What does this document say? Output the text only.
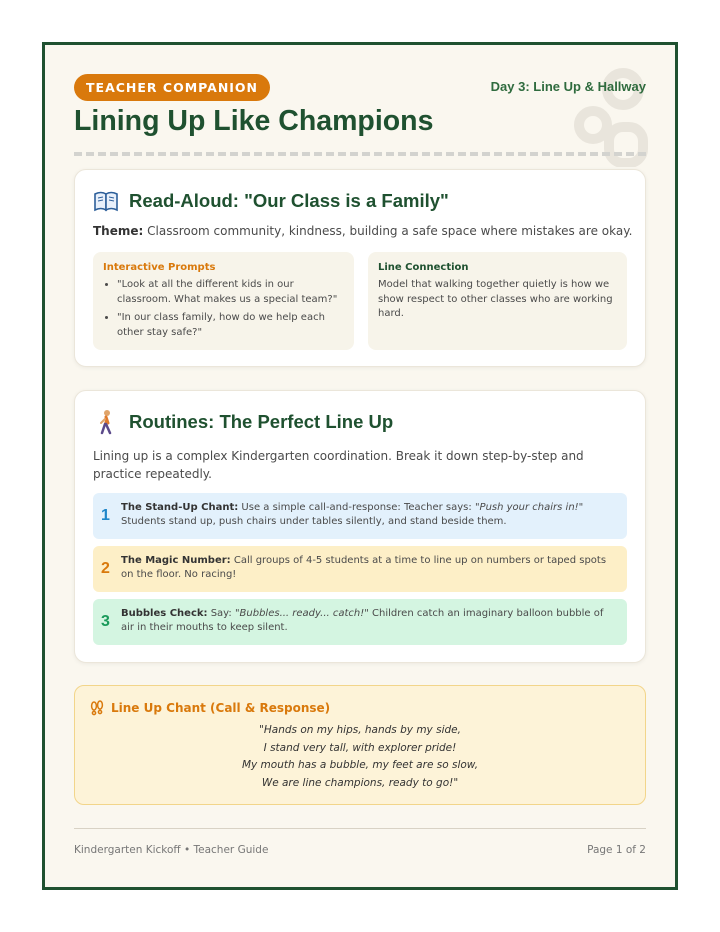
TEACHER COMPANION	Day 3: Line Up & Hallway
Lining Up Like Champions
Read-Aloud: "Our Class is a Family"
Theme: Classroom community, kindness, building a safe space where mistakes are okay.
Interactive Prompts
• "Look at all the different kids in our classroom. What makes us a special team?"
• "In our class family, how do we help each other stay safe?"
Line Connection

Model that walking together quietly is how we show respect to other classes who are working hard.

Routines: The Perfect Line Up
Lining up is a complex Kindergarten coordination. Break it down step-by-step and practice repeatedly.
1 The Stand-Up Chant: Use a simple call-and-response: Teacher says: "Push your chairs in!" Students stand up, push chairs under tables silently, and stand beside them.
2 The Magic Number: Call groups of 4-5 students at a time to line up on numbers or taped spots on the floor. No racing!
3 Bubbles Check: Say: "Bubbles... ready... catch!" Children catch an imaginary balloon bubble of air in their mouths to keep silent.
Line Up Chant (Call & Response)
"Hands on my hips, hands by my side,
I stand very tall, with explorer pride!
My mouth has a bubble, my feet are so slow,
We are line champions, ready to go!"
Kindergarten Kickoff • Teacher Guide	Page 1 of 2
